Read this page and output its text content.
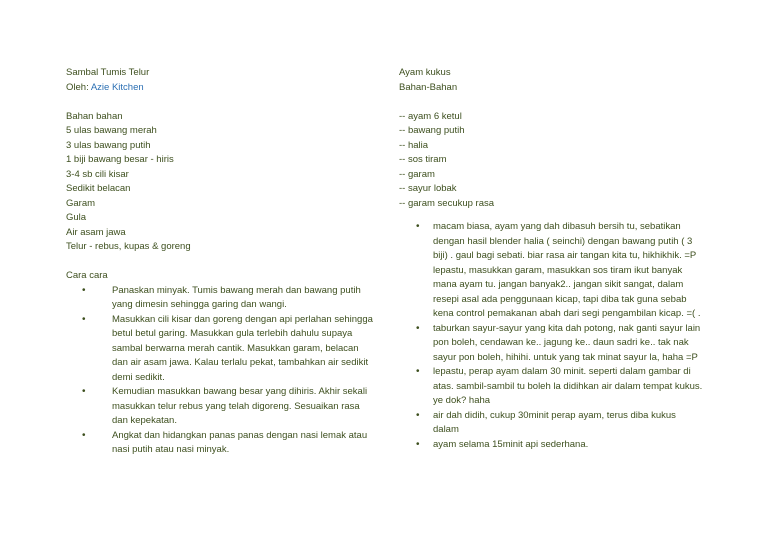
Sambal Tumis Telur
Oleh: Azie Kitchen
Bahan bahan
5 ulas bawang merah
3 ulas bawang putih
1 biji bawang besar - hiris
3-4 sb cili kisar
Sedikit belacan
Garam
Gula
Air asam jawa
Telur - rebus, kupas & goreng
Cara cara
• Panaskan minyak. Tumis bawang merah dan bawang putih yang dimesin sehingga garing dan wangi.
• Masukkan cili kisar dan goreng dengan api perlahan sehingga betul betul garing. Masukkan gula terlebih dahulu supaya sambal berwarna merah cantik. Masukkan garam, belacan dan air asam jawa. Kalau terlalu pekat, tambahkan air sedikit demi sedikit.
• Kemudian masukkan bawang besar yang dihiris. Akhir sekali masukkan telur rebus yang telah digoreng. Sesuaikan rasa dan kepekatan.
• Angkat dan hidangkan panas panas dengan nasi lemak atau nasi putih atau nasi minyak.
Ayam kukus
Bahan-Bahan
-- ayam 6 ketul
-- bawang putih
-- halia
-- sos tiram
-- garam
-- sayur lobak
-- garam secukup rasa
• macam biasa, ayam yang dah dibasuh bersih tu, sebatikan dengan hasil blender halia ( seinchi) dengan bawang putih ( 3 biji) . gaul bagi sebati. biar rasa air tangan kita tu, hikhikhik. =P lepastu, masukkan garam, masukkan sos tiram ikut banyak mana ayam tu. jangan banyak2.. jangan sikit sangat, dalam resepi asal ada penggunaan kicap, tapi diba tak guna sebab kena control pemakanan abah dari segi pengambilan kicap. =( .
• taburkan sayur-sayur yang kita dah potong, nak ganti sayur lain pon boleh, cendawan ke.. jagung ke.. daun sadri ke.. tak nak sayur pon boleh, hihihi. untuk yang tak minat sayur la, haha =P
• lepastu, perap ayam dalam 30 minit. seperti dalam gambar di atas. sambil-sambil tu boleh la didihkan air dalam tempat kukus. ye dok? haha
• air dah didih, cukup 30minit perap ayam, terus diba kukus dalam
• ayam selama 15minit api sederhana.
